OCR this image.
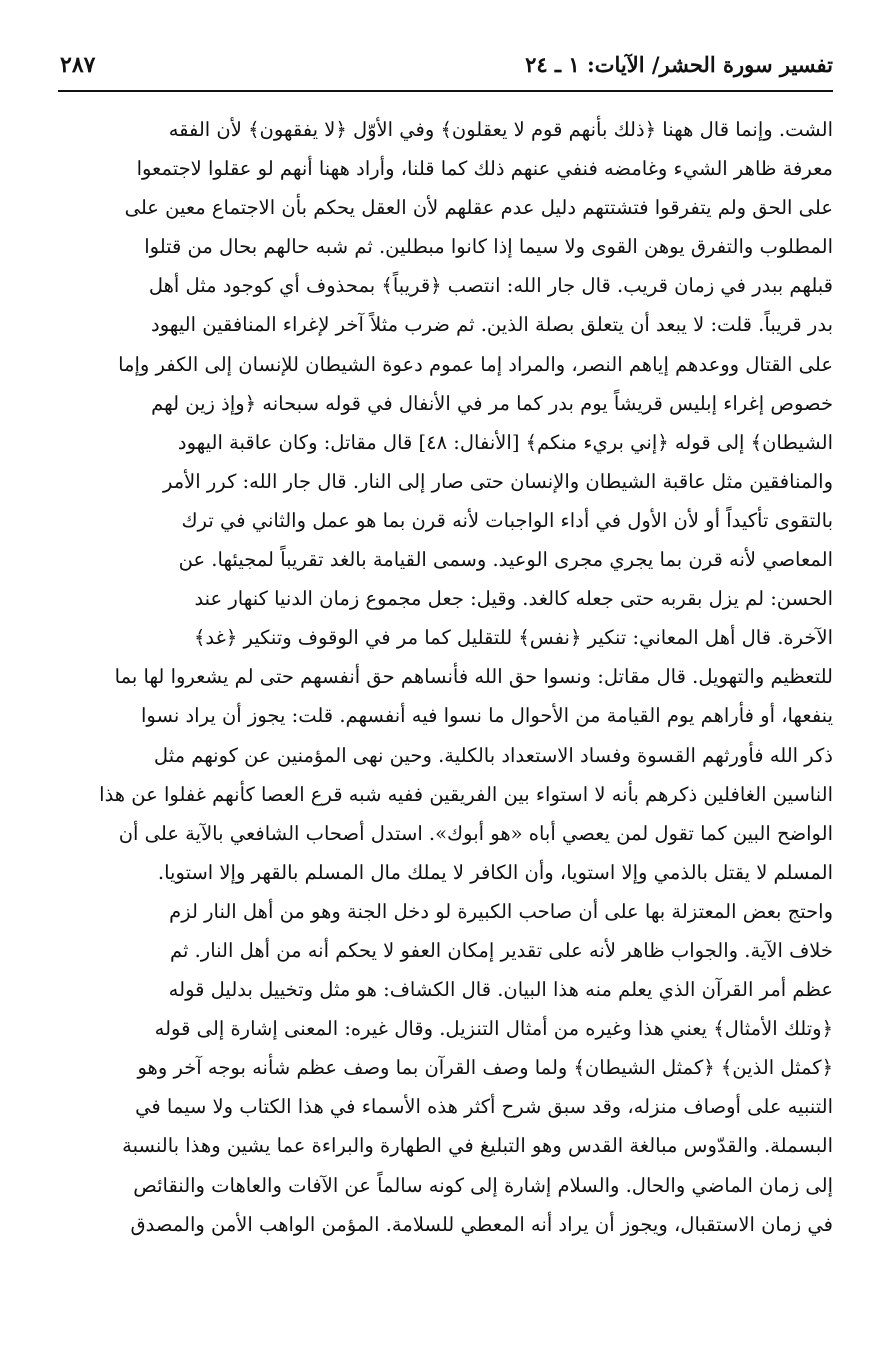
تفسير سورة الحشر/ الآيات: ١ ـ ٢٤
٢٨٧
الشت. وإنما قال ههنا ﴿ذلك بأنهم قوم لا يعقلون﴾ وفي الأوّل ﴿لا يفقهون﴾ لأن الفقه
معرفة ظاهر الشيء وغامضه فنفي عنهم ذلك كما قلنا، وأراد ههنا أنهم لو عقلوا لاجتمعوا
على الحق ولم يتفرقوا فتشتتهم دليل عدم عقلهم لأن العقل يحكم بأن الاجتماع معين على
المطلوب والتفرق يوهن القوى ولا سيما إذا كانوا مبطلين. ثم شبه حالهم بحال من قتلوا
قبلهم ببدر في زمان قريب. قال جار الله: انتصب ﴿قريباً﴾ بمحذوف أي كوجود مثل أهل
بدر قريباً. قلت: لا يبعد أن يتعلق بصلة الذين. ثم ضرب مثلاً آخر لإغراء المنافقين اليهود
على القتال ووعدهم إياهم النصر، والمراد إما عموم دعوة الشيطان للإنسان إلى الكفر وإما
خصوص إغراء إبليس قريشاً يوم بدر كما مر في الأنفال في قوله سبحانه ﴿وإذ زين لهم
الشيطان﴾ إلى قوله ﴿إني بريء منكم﴾ [الأنفال: ٤٨] قال مقاتل: وكان عاقبة اليهود
والمنافقين مثل عاقبة الشيطان والإنسان حتى صار إلى النار. قال جار الله: كرر الأمر
بالتقوى تأكيداً أو لأن الأول في أداء الواجبات لأنه قرن بما هو عمل والثاني في ترك
المعاصي لأنه قرن بما يجري مجرى الوعيد. وسمى القيامة بالغد تقريباً لمجيئها. عن
الحسن: لم يزل بقربه حتى جعله كالغد. وقيل: جعل مجموع زمان الدنيا كنهار عند
الآخرة. قال أهل المعاني: تنكير ﴿نفس﴾ للتقليل كما مر في الوقوف وتنكير ﴿غد﴾
للتعظيم والتهويل. قال مقاتل: ونسوا حق الله فأنساهم حق أنفسهم حتى لم يشعروا لها بما
ينفعها، أو فأراهم يوم القيامة من الأحوال ما نسوا فيه أنفسهم. قلت: يجوز أن يراد نسوا
ذكر الله فأورثهم القسوة وفساد الاستعداد بالكلية. وحين نهى المؤمنين عن كونهم مثل
الناسين الغافلين ذكرهم بأنه لا استواء بين الفريقين ففيه شبه قرع العصا كأنهم غفلوا عن هذا
الواضح البين كما تقول لمن يعصي أباه «هو أبوك». استدل أصحاب الشافعي بالآية على أن
المسلم لا يقتل بالذمي وإلا استويا، وأن الكافر لا يملك مال المسلم بالقهر وإلا استويا.
واحتج بعض المعتزلة بها على أن صاحب الكبيرة لو دخل الجنة وهو من أهل النار لزم
خلاف الآية. والجواب ظاهر لأنه على تقدير إمكان العفو لا يحكم أنه من أهل النار. ثم
عظم أمر القرآن الذي يعلم منه هذا البيان. قال الكشاف: هو مثل وتخييل بدليل قوله
﴿وتلك الأمثال﴾ يعني هذا وغيره من أمثال التنزيل. وقال غيره: المعنى إشارة إلى قوله
﴿كمثل الذين﴾ ﴿كمثل الشيطان﴾ ولما وصف القرآن بما وصف عظم شأنه بوجه آخر وهو
التنبيه على أوصاف منزله، وقد سبق شرح أكثر هذه الأسماء في هذا الكتاب ولا سيما في
البسملة. والقدّوس مبالغة القدس وهو التبليغ في الطهارة والبراءة عما يشين وهذا بالنسبة
إلى زمان الماضي والحال. والسلام إشارة إلى كونه سالماً عن الآفات والعاهات والنقائص
في زمان الاستقبال، ويجوز أن يراد أنه المعطي للسلامة. المؤمن الواهب الأمن والمصدق
